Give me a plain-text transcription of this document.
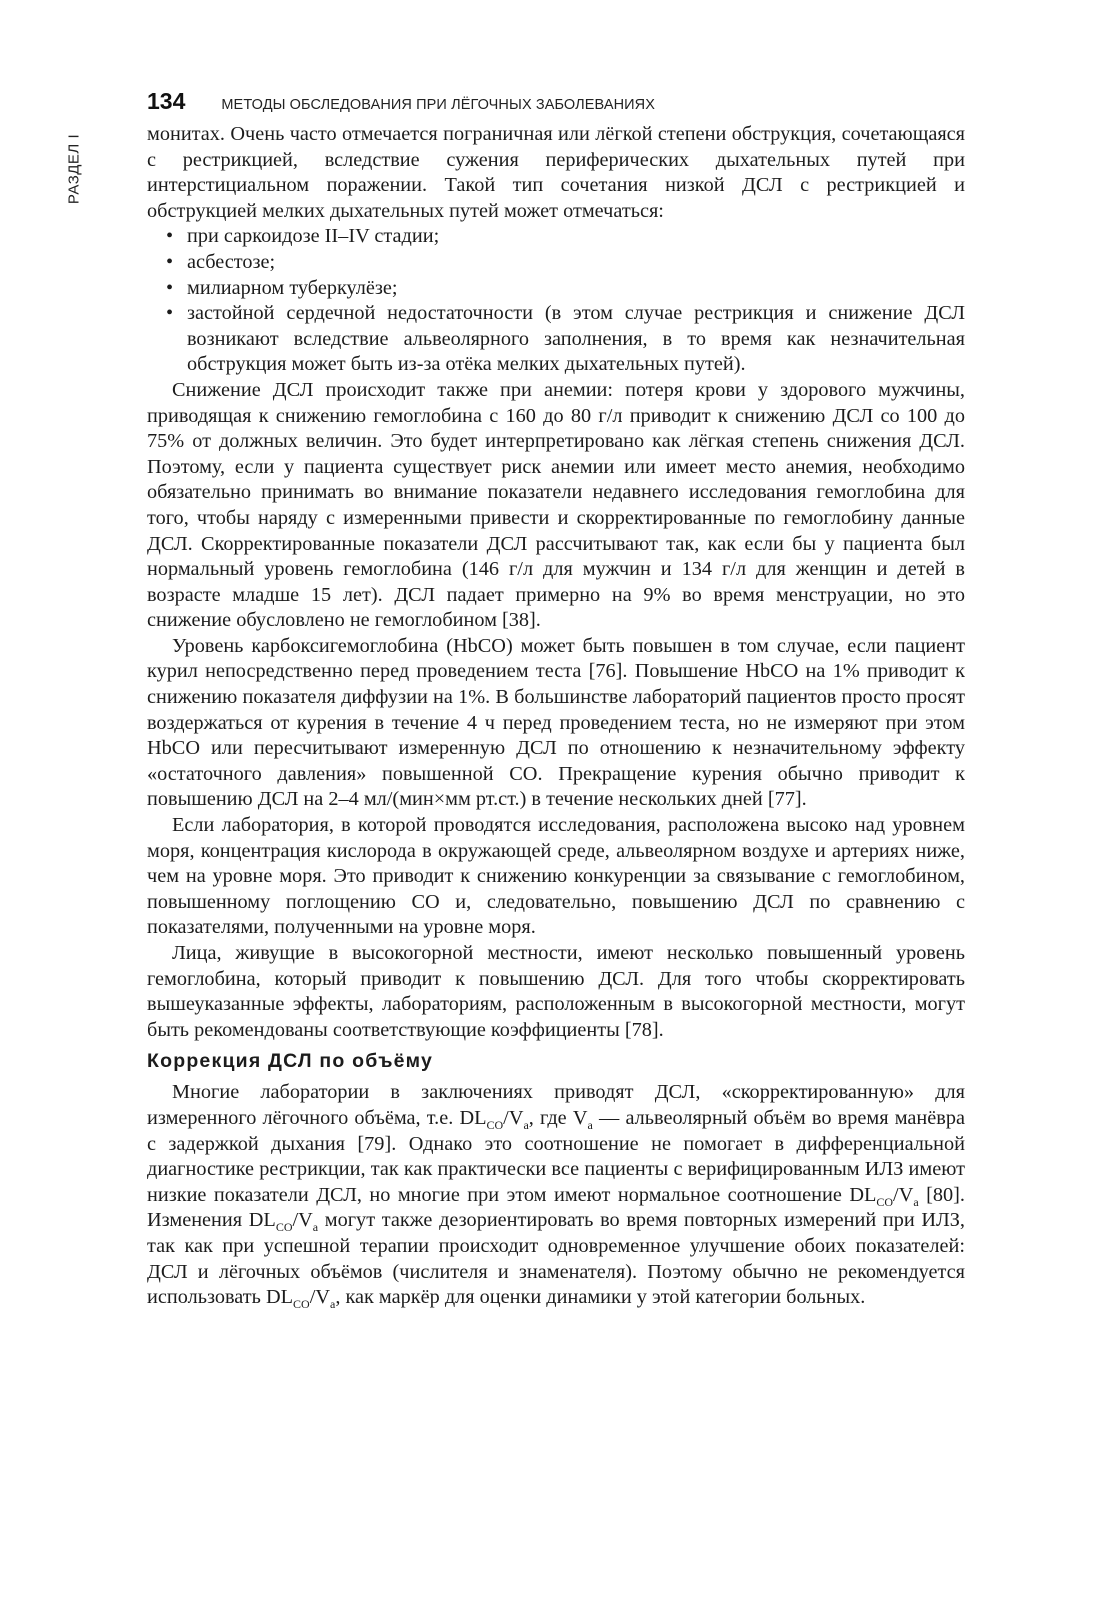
РАЗДЕЛ I
134 МЕТОДЫ ОБСЛЕДОВАНИЯ ПРИ ЛЁГОЧНЫХ ЗАБОЛЕВАНИЯХ

монитах. Очень часто отмечается пограничная или лёгкой степени обструкция, сочетающаяся с рестрикцией, вследствие сужения периферических дыхательных путей при интерстициальном поражении. Такой тип сочетания низкой ДСЛ с рестрикцией и обструкцией мелких дыхательных путей может отмечаться:

• при саркоидозе II–IV стадии;
• асбестозе;
• милиарном туберкулёзе;
• застойной сердечной недостаточности (в этом случае рестрикция и снижение ДСЛ возникают вследствие альвеолярного заполнения, в то время как незначительная обструкция может быть из-за отёка мелких дыхательных путей).

Снижение ДСЛ происходит также при анемии: потеря крови у здорового мужчины, приводящая к снижению гемоглобина с 160 до 80 г/л приводит к снижению ДСЛ со 100 до 75% от должных величин. Это будет интерпретировано как лёгкая степень снижения ДСЛ. Поэтому, если у пациента существует риск анемии или имеет место анемия, необходимо обязательно принимать во внимание показатели недавнего исследования гемоглобина для того, чтобы наряду с измеренными привести и скорректированные по гемоглобину данные ДСЛ. Скорректированные показатели ДСЛ рассчитывают так, как если бы у пациента был нормальный уровень гемоглобина (146 г/л для мужчин и 134 г/л для женщин и детей в возрасте младше 15 лет). ДСЛ падает примерно на 9% во время менструации, но это снижение обусловлено не гемоглобином [38].

Уровень карбоксигемоглобина (HbCO) может быть повышен в том случае, если пациент курил непосредственно перед проведением теста [76]. Повышение HbCO на 1% приводит к снижению показателя диффузии на 1%. В большинстве лабораторий пациентов просто просят воздержаться от курения в течение 4 ч перед проведением теста, но не измеряют при этом HbCO или пересчитывают измеренную ДСЛ по отношению к незначительному эффекту «остаточного давления» повышенной CO. Прекращение курения обычно приводит к повышению ДСЛ на 2–4 мл/(мин×мм рт.ст.) в течение нескольких дней [77].

Если лаборатория, в которой проводятся исследования, расположена высоко над уровнем моря, концентрация кислорода в окружающей среде, альвеолярном воздухе и артериях ниже, чем на уровне моря. Это приводит к снижению конкуренции за связывание с гемоглобином, повышенному поглощению CO и, следовательно, повышению ДСЛ по сравнению с показателями, полученными на уровне моря.

Лица, живущие в высокогорной местности, имеют несколько повышенный уровень гемоглобина, который приводит к повышению ДСЛ. Для того чтобы скорректировать вышеуказанные эффекты, лабораториям, расположенным в высокогорной местности, могут быть рекомендованы соответствующие коэффициенты [78].

Коррекция ДСЛ по объёму

Многие лаборатории в заключениях приводят ДСЛ, «скорректированную» для измеренного лёгочного объёма, т.е. $DL_{CO}/V_a$, где $V_a$ — альвеолярный объём во время манёвра с задержкой дыхания [79]. Однако это соотношение не помогает в дифференциальной диагностике рестрикции, так как практически все пациенты с верифицированным ИЛЗ имеют низкие показатели ДСЛ, но многие при этом имеют нормальное соотношение $DL_{CO}/V_a$ [80]. Изменения $DL_{CO}/V_a$ могут также дезориентировать во время повторных измерений при ИЛЗ, так как при успешной терапии происходит одновременное улучшение обоих показателей: ДСЛ и лёгочных объёмов (числителя и знаменателя). Поэтому обычно не рекомендуется использовать $DL_{CO}/V_a$, как маркёр для оценки динамики у этой категории больных.
